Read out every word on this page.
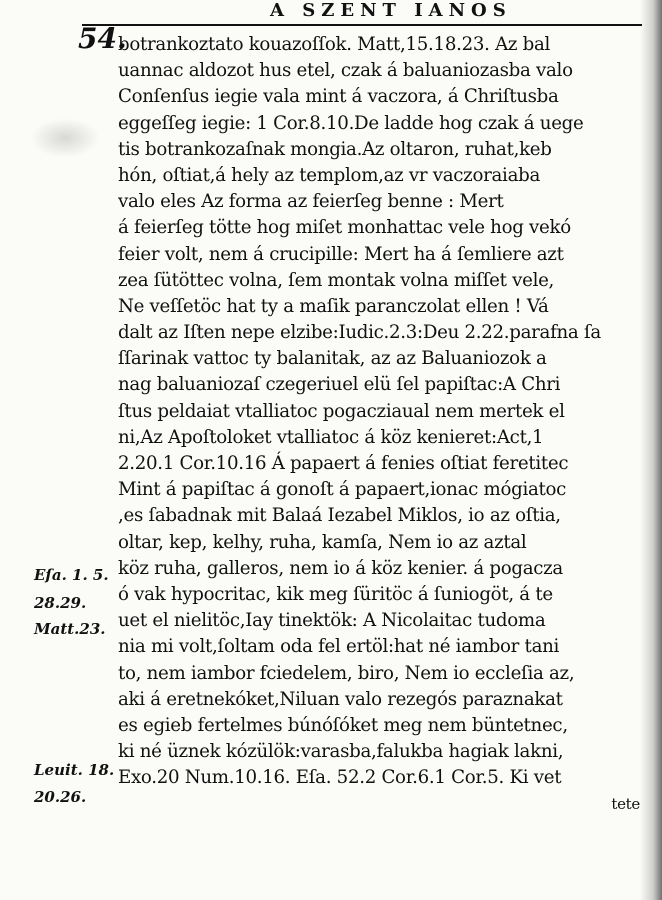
A SZENT IANOS
54.
Eſa. 1. 5.
28.29.
Matt.23.
Leuit. 18.
20.26.
botrankoztato kouazoſſok. Matt,15.18.23. Az bal
uannac aldozot hus etel, czak á baluaniozasba valo
Conſenſus iegie vala mint á vaczora, á Chriſtusba
eggeſſeg iegie: 1 Cor.8.10.De ladde hog czak á uege
tis botrankozaſnak mongia.Az oltaron, ruhat,keb
hón, oſtiat,á hely az templom,az vr vaczoraiaba
valo eles Az forma az feierſeg benne : Mert
á feierſeg tötte hog miſet monhattac vele hog vekó
feier volt, nem á crucipille: Mert ha á ſemliere azt
zea ſütöttec volna, ſem montak volna miſſet vele,
Ne veſſetöc hat ty a maſik paranczolat ellen ! Vá
dalt az Iſten nepe elzibe:Iudic.2.3:Deu 2.22.parafna ſa
ſſarinak vattoc ty balanitak, az az Baluaniozok a
nag baluaniozaſ czegeriuel elü ſel papiſtac:A Chri
ſtus peldaiat vtalliatoc pogacziaual nem mertek el
ni,Az Apoſtoloket vtalliatoc á köz kenieret:Act,1
2.20.1 Cor.10.16 Á papaert á fenies oſtiat feretitec
Mint á papiſtac á gonoſt á papaert,ionac mógiatoc
,es ſabadnak mit Balaá Iezabel Miklos, io az oſtia,
oltar, kep, kelhy, ruha, kamſa, Nem io az aztal
köz ruha, galleros, nem io á köz kenier. á pogacza
ó vak hypocritac, kik meg ſüritöc á ſuniogöt, á te
uet el nielitöc,Iay tinektök: A Nicolaitac tudoma
nia mi volt,ſoltam oda fel ertöl:hat né iambor tani
to, nem iambor fciedelem, biro, Nem io eccleſia az,
aki á eretnekóket,Niluan valo rezegós paraznakat
es egieb fertelmes búnóſóket meg nem büntetnec,
ki né üznek kózülök:varasba,falukba hagiak lakni,
Exo.20 Num.10.16. Eſa. 52.2 Cor.6.1 Cor.5. Ki vet
tete
